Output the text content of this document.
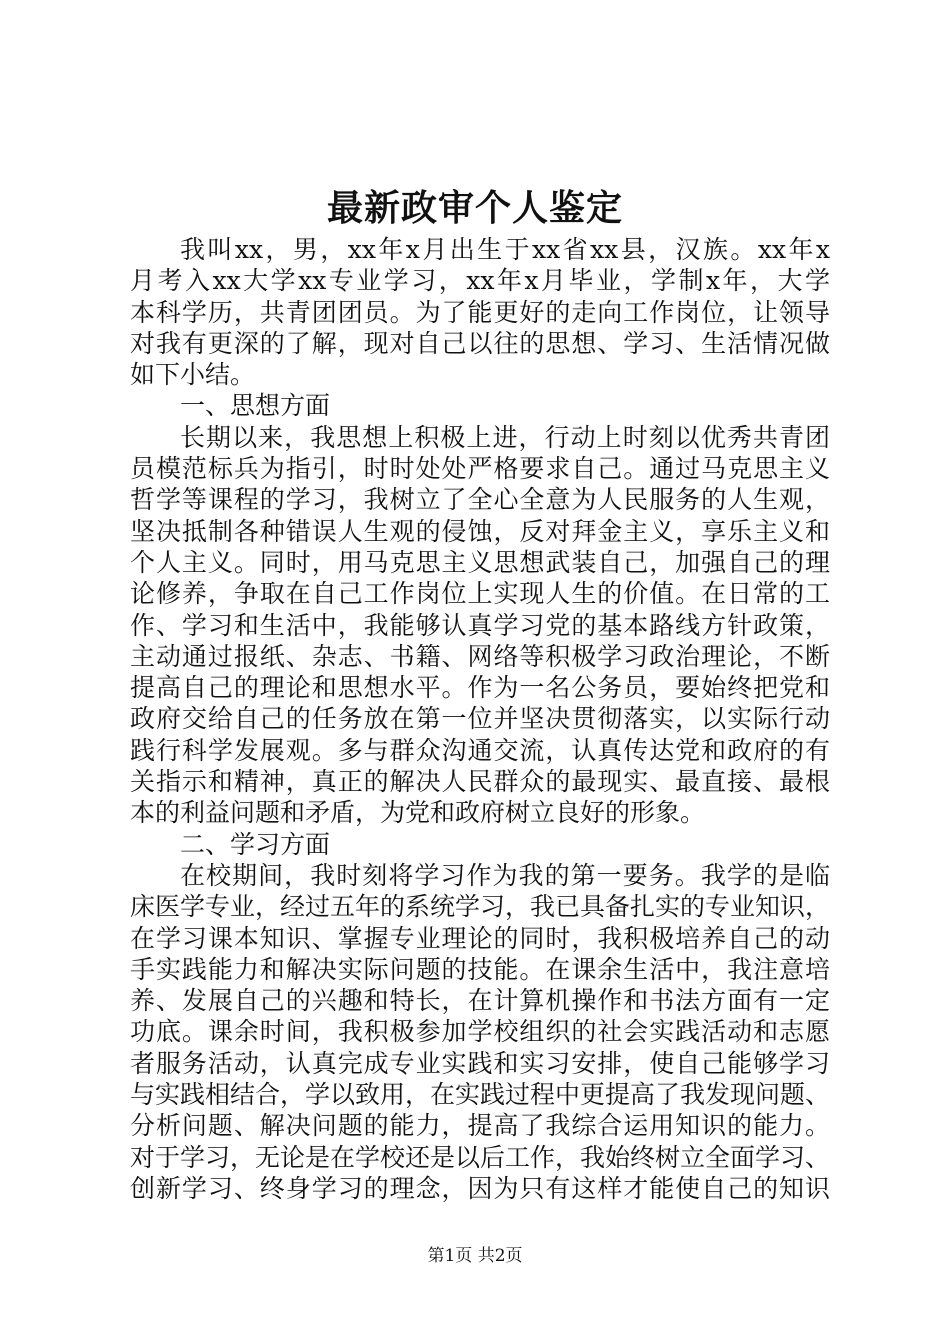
最新政审个人鉴定
我叫xx，男，xx年x月出生于xx省xx县，汉族。xx年x
月考入xx大学xx专业学习，xx年x月毕业，学制x年，大学
本科学历，共青团团员。为了能更好的走向工作岗位，让领导
对我有更深的了解，现对自己以往的思想、学习、生活情况做
如下小结。
一、思想方面
长期以来，我思想上积极上进，行动上时刻以优秀共青团
员模范标兵为指引，时时处处严格要求自己。通过马克思主义
哲学等课程的学习，我树立了全心全意为人民服务的人生观，
坚决抵制各种错误人生观的侵蚀，反对拜金主义，享乐主义和
个人主义。同时，用马克思主义思想武装自己，加强自己的理
论修养，争取在自己工作岗位上实现人生的价值。在日常的工
作、学习和生活中，我能够认真学习党的基本路线方针政策，
主动通过报纸、杂志、书籍、网络等积极学习政治理论，不断
提高自己的理论和思想水平。作为一名公务员，要始终把党和
政府交给自己的任务放在第一位并坚决贯彻落实，以实际行动
践行科学发展观。多与群众沟通交流，认真传达党和政府的有
关指示和精神，真正的解决人民群众的最现实、最直接、最根
本的利益问题和矛盾，为党和政府树立良好的形象。
二、学习方面
在校期间，我时刻将学习作为我的第一要务。我学的是临
床医学专业，经过五年的系统学习，我已具备扎实的专业知识，
在学习课本知识、掌握专业理论的同时，我积极培养自己的动
手实践能力和解决实际问题的技能。在课余生活中，我注意培
养、发展自己的兴趣和特长，在计算机操作和书法方面有一定
功底。课余时间，我积极参加学校组织的社会实践活动和志愿
者服务活动，认真完成专业实践和实习安排，使自己能够学习
与实践相结合，学以致用，在实践过程中更提高了我发现问题、
分析问题、解决问题的能力，提高了我综合运用知识的能力。
对于学习，无论是在学校还是以后工作，我始终树立全面学习、
创新学习、终身学习的理念，因为只有这样才能使自己的知识
第1页 共2页
